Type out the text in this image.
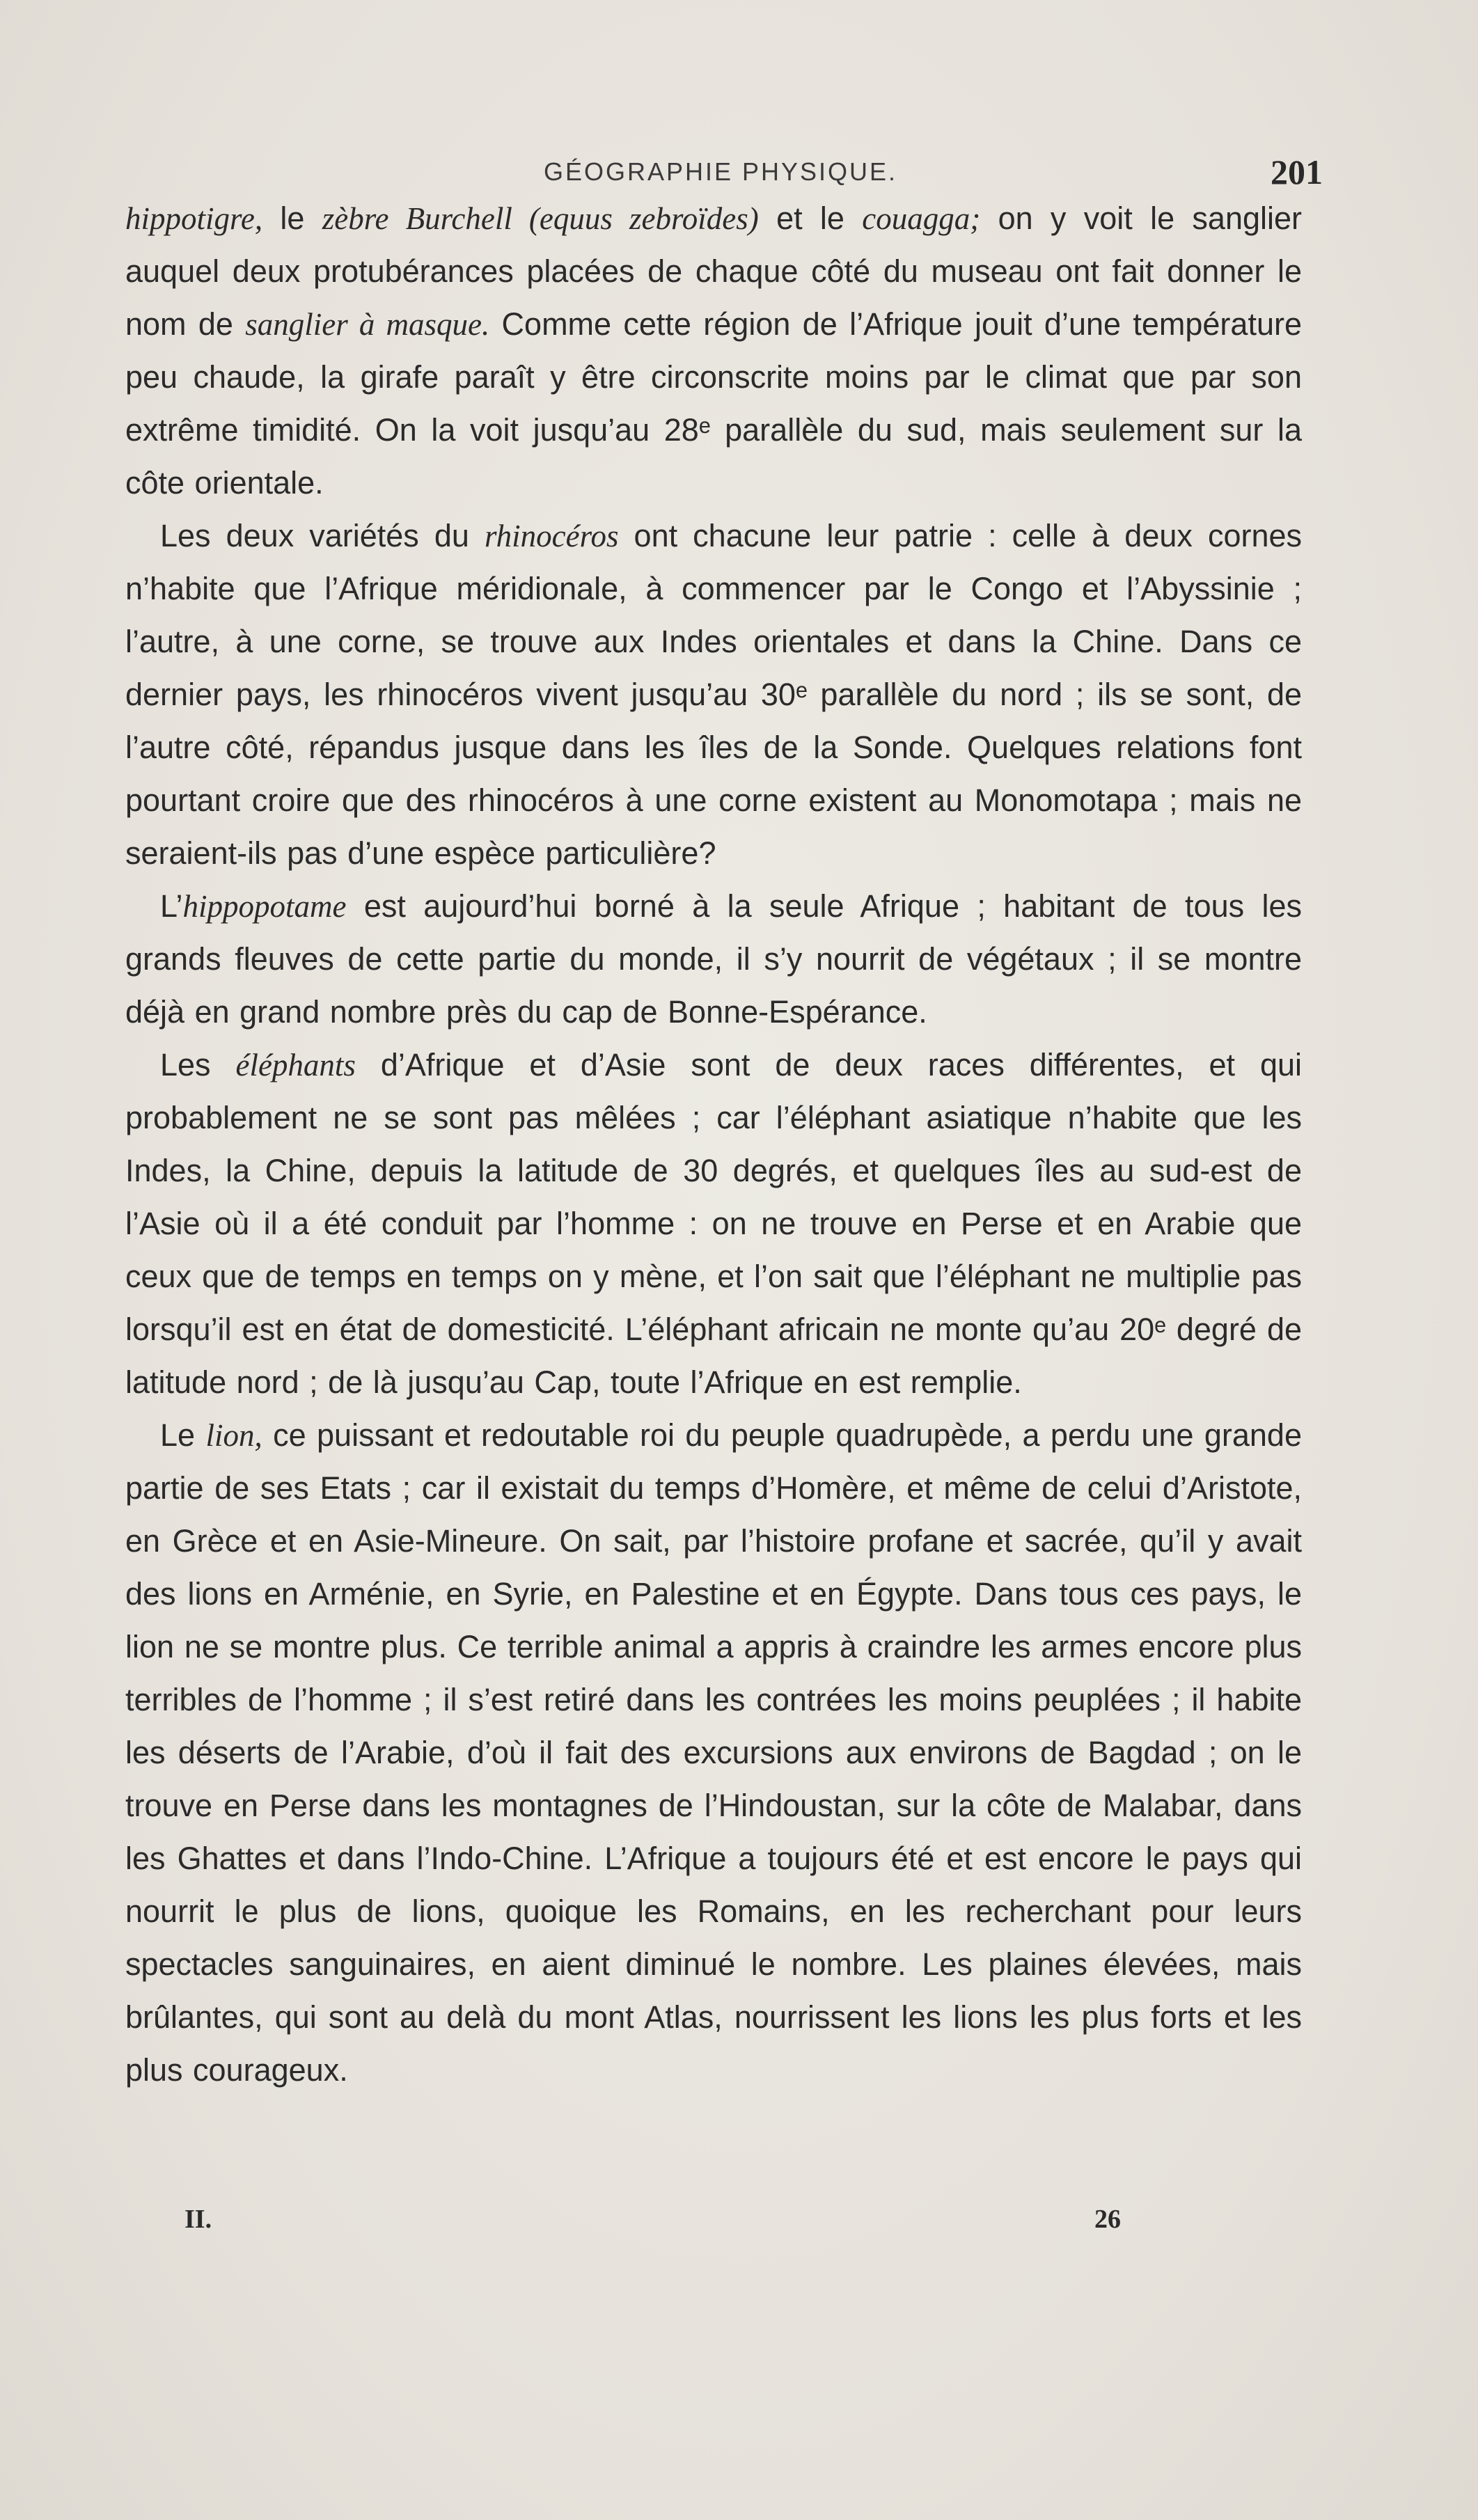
GÉOGRAPHIE PHYSIQUE.	201

hippotigre, le zèbre Burchell (equus zebroïdes) et le couagga; on y voit le sanglier auquel deux protubérances placées de chaque côté du museau ont fait donner le nom de sanglier à masque. Comme cette région de l’Afrique jouit d’une température peu chaude, la girafe paraît y être circonscrite moins par le climat que par son extrême timidité. On la voit jusqu’au 28ᵉ parallèle du sud, mais seulement sur la côte orientale.

Les deux variétés du rhinocéros ont chacune leur patrie : celle à deux cornes n’habite que l’Afrique méridionale, à commencer par le Congo et l’Abyssinie ; l’autre, à une corne, se trouve aux Indes orientales et dans la Chine. Dans ce dernier pays, les rhinocéros vivent jusqu’au 30ᵉ parallèle du nord ; ils se sont, de l’autre côté, répandus jusque dans les îles de la Sonde. Quelques relations font pourtant croire que des rhinocéros à une corne existent au Monomotapa ; mais ne seraient-ils pas d’une espèce particulière?

L’hippopotame est aujourd’hui borné à la seule Afrique ; habitant de tous les grands fleuves de cette partie du monde, il s’y nourrit de végétaux ; il se montre déjà en grand nombre près du cap de Bonne-Espérance.

Les éléphants d’Afrique et d’Asie sont de deux races différentes, et qui probablement ne se sont pas mêlées ; car l’éléphant asiatique n’habite que les Indes, la Chine, depuis la latitude de 30 degrés, et quelques îles au sud-est de l’Asie où il a été conduit par l’homme : on ne trouve en Perse et en Arabie que ceux que de temps en temps on y mène, et l’on sait que l’éléphant ne multiplie pas lorsqu’il est en état de domesticité. L’éléphant africain ne monte qu’au 20ᵉ degré de latitude nord ; de là jusqu’au Cap, toute l’Afrique en est remplie.

Le lion, ce puissant et redoutable roi du peuple quadrupède, a perdu une grande partie de ses Etats ; car il existait du temps d’Homère, et même de celui d’Aristote, en Grèce et en Asie-Mineure. On sait, par l’histoire profane et sacrée, qu’il y avait des lions en Arménie, en Syrie, en Palestine et en Égypte. Dans tous ces pays, le lion ne se montre plus. Ce terrible animal a appris à craindre les armes encore plus terribles de l’homme ; il s’est retiré dans les contrées les moins peuplées ; il habite les déserts de l’Arabie, d’où il fait des excursions aux environs de Bagdad ; on le trouve en Perse dans les montagnes de l’Hindoustan, sur la côte de Malabar, dans les Ghattes et dans l’Indo-Chine. L’Afrique a toujours été et est encore le pays qui nourrit le plus de lions, quoique les Romains, en les recherchant pour leurs spectacles sanguinaires, en aient diminué le nombre. Les plaines élevées, mais brûlantes, qui sont au delà du mont Atlas, nourrissent les lions les plus forts et les plus courageux.

II.	26
